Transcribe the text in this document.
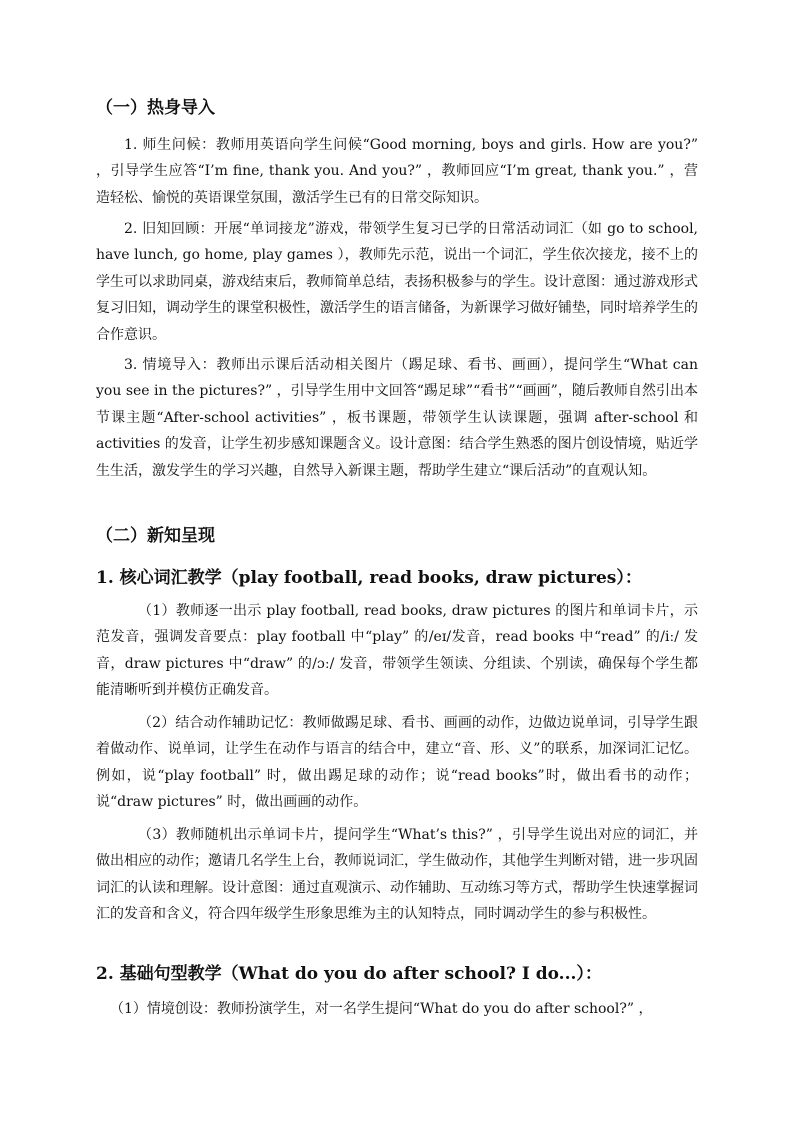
（一）热身导入
1. 师生问候：教师用英语向学生问候“Good morning, boys and girls. How are you?” ，引导学生应答“I’m fine, thank you. And you?” ，教师回应“I’m great, thank you.” ，营造轻松、愉悦的英语课堂氛围，激活学生已有的日常交际知识。
2. 旧知回顾：开展“单词接龙”游戏，带领学生复习已学的日常活动词汇（如 go to school, have lunch, go home, play games ），教师先示范，说出一个词汇，学生依次接龙，接不上的学生可以求助同桌，游戏结束后，教师简单总结，表扬积极参与的学生。设计意图：通过游戏形式复习旧知，调动学生的课堂积极性，激活学生的语言储备，为新课学习做好铺垫，同时培养学生的合作意识。
3. 情境导入：教师出示课后活动相关图片（踢足球、看书、画画），提问学生“What can you see in the pictures?” ，引导学生用中文回答“踢足球”“看书”“画画”，随后教师自然引出本节课主题“After-school activities” ，板书课题，带领学生认读课题，强调 after-school 和 activities 的发音，让学生初步感知课题含义。设计意图：结合学生熟悉的图片创设情境，贴近学生生活，激发学生的学习兴趣，自然导入新课主题，帮助学生建立“课后活动”的直观认知。
（二）新知呈现
1. 核心词汇教学（play football, read books, draw pictures）：
（1）教师逐一出示 play football, read books, draw pictures 的图片和单词卡片，示范发音，强调发音要点：play football 中“play” 的/eɪ/发音，read books 中“read” 的/iː/ 发音，draw pictures 中“draw” 的/ɔː/ 发音，带领学生领读、分组读、个别读，确保每个学生都能清晰听到并模仿正确发音。
（2）结合动作辅助记忆：教师做踢足球、看书、画画的动作，边做边说单词，引导学生跟着做动作、说单词，让学生在动作与语言的结合中，建立“音、形、义”的联系，加深词汇记忆。例如，说“play football” 时，做出踢足球的动作；说“read books”时，做出看书的动作；说“draw pictures” 时，做出画画的动作。
（3）教师随机出示单词卡片，提问学生“What’s this?” ，引导学生说出对应的词汇，并做出相应的动作；邀请几名学生上台，教师说词汇，学生做动作，其他学生判断对错，进一步巩固词汇的认读和理解。设计意图：通过直观演示、动作辅助、互动练习等方式，帮助学生快速掌握词汇的发音和含义，符合四年级学生形象思维为主的认知特点，同时调动学生的参与积极性。
2. 基础句型教学（What do you do after school? I do...）：
（1）情境创设：教师扮演学生，对一名学生提问“What do you do after school?” ，
